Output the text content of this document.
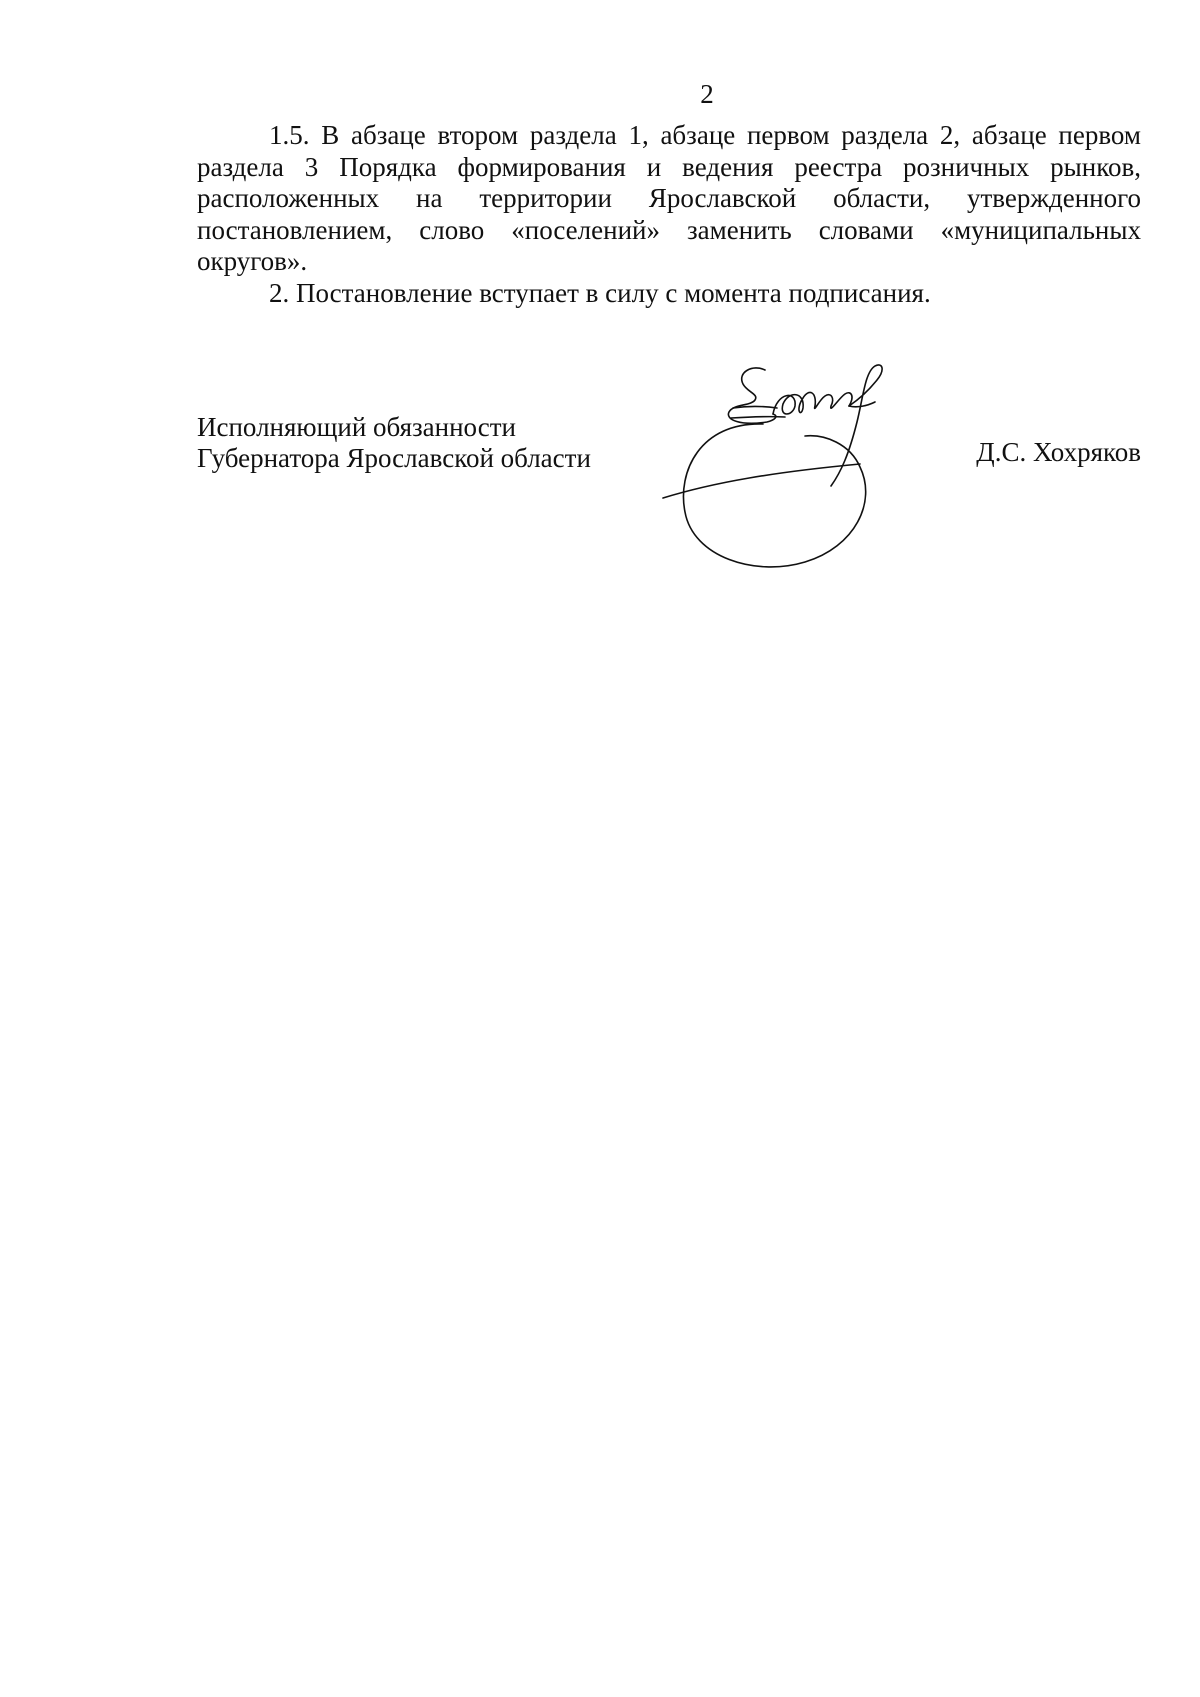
2

1.5. В абзаце втором раздела 1, абзаце первом раздела 2, абзаце первом раздела 3 Порядка формирования и ведения реестра розничных рынков, расположенных на территории Ярославской области, утвержденного постановлением, слово «поселений» заменить словами «муниципальных округов».

2. Постановление вступает в силу с момента подписания.

Исполняющий обязанности
Губернатора Ярославской области	Д.С. Хохряков
